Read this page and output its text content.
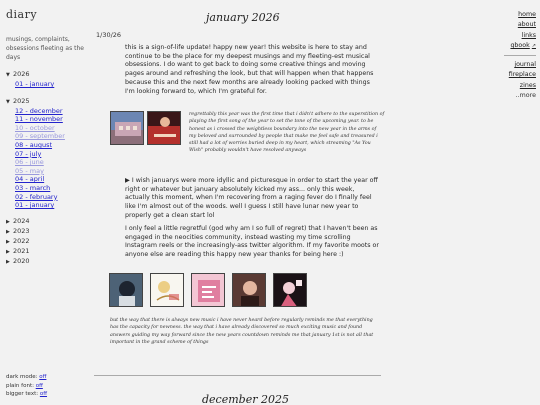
diary
musings, complaints, obsessions fleeting as the days
▼ 2026
01 - january
▼ 2025
12 - december
11 - november
10 - october
09 - september
08 - august
07 - july
06 - june
05 - may
04 - april
03 - march
02 - february
01 - january
▶ 2024
▶ 2023
▶ 2022
▶ 2021
▶ 2020
dark mode: off
plain font: off
bigger text: off
january 2026
1/30/26
this is a sign-of-life update! happy new year! this website is here to stay and continue to be the place for my deepest musings and my fleeting-est musical obsessions. I do want to get back to doing some creative things and moving pages around and refreshing the look, but that will happen when that happens because this and the next few months are already looking packed with things I'm looking forward to, which I'm grateful for.
regrettably this year was the first time that i didn't adhere to the superstition of playing the first song of the year to set the tone of the upcoming year. to be honest as i crossed the weightless boundary into the new year in the arms of my beloved and surrounded by people that make me feel safe and treasured i still had a lot of worries buried deep in my heart, which streaming "As You Wish" probably wouldn't have resolved anyways
▶ I wish januarys were more idyllic and picturesque in order to start the year off right or whatever but january absolutely kicked my ass... only this week, actually this moment, when I'm recovering from a raging fever do I finally feel like I'm almost out of the woods. well I guess I still have lunar new year to properly get a clean start lol
I only feel a little regretful (god why am I so full of regret) that I haven't been as engaged in the neocities community, instead wasting my time scrolling Instagram reels or the increasingly-ass twitter algorithm. If my favorite moots or anyone else are reading this happy new year thanks for being here :)
but the way that there is always new music i have never heard before regularly reminds me that everything has the capacity for newness. the way that i have already discovered so much exciting music and found answers guiding my way forward since the new years countdown reminds me that january 1st is not all that important in the grand scheme of things
december 2025
home
about
links
gbook ↗
journal
fireplace
zines
..more
